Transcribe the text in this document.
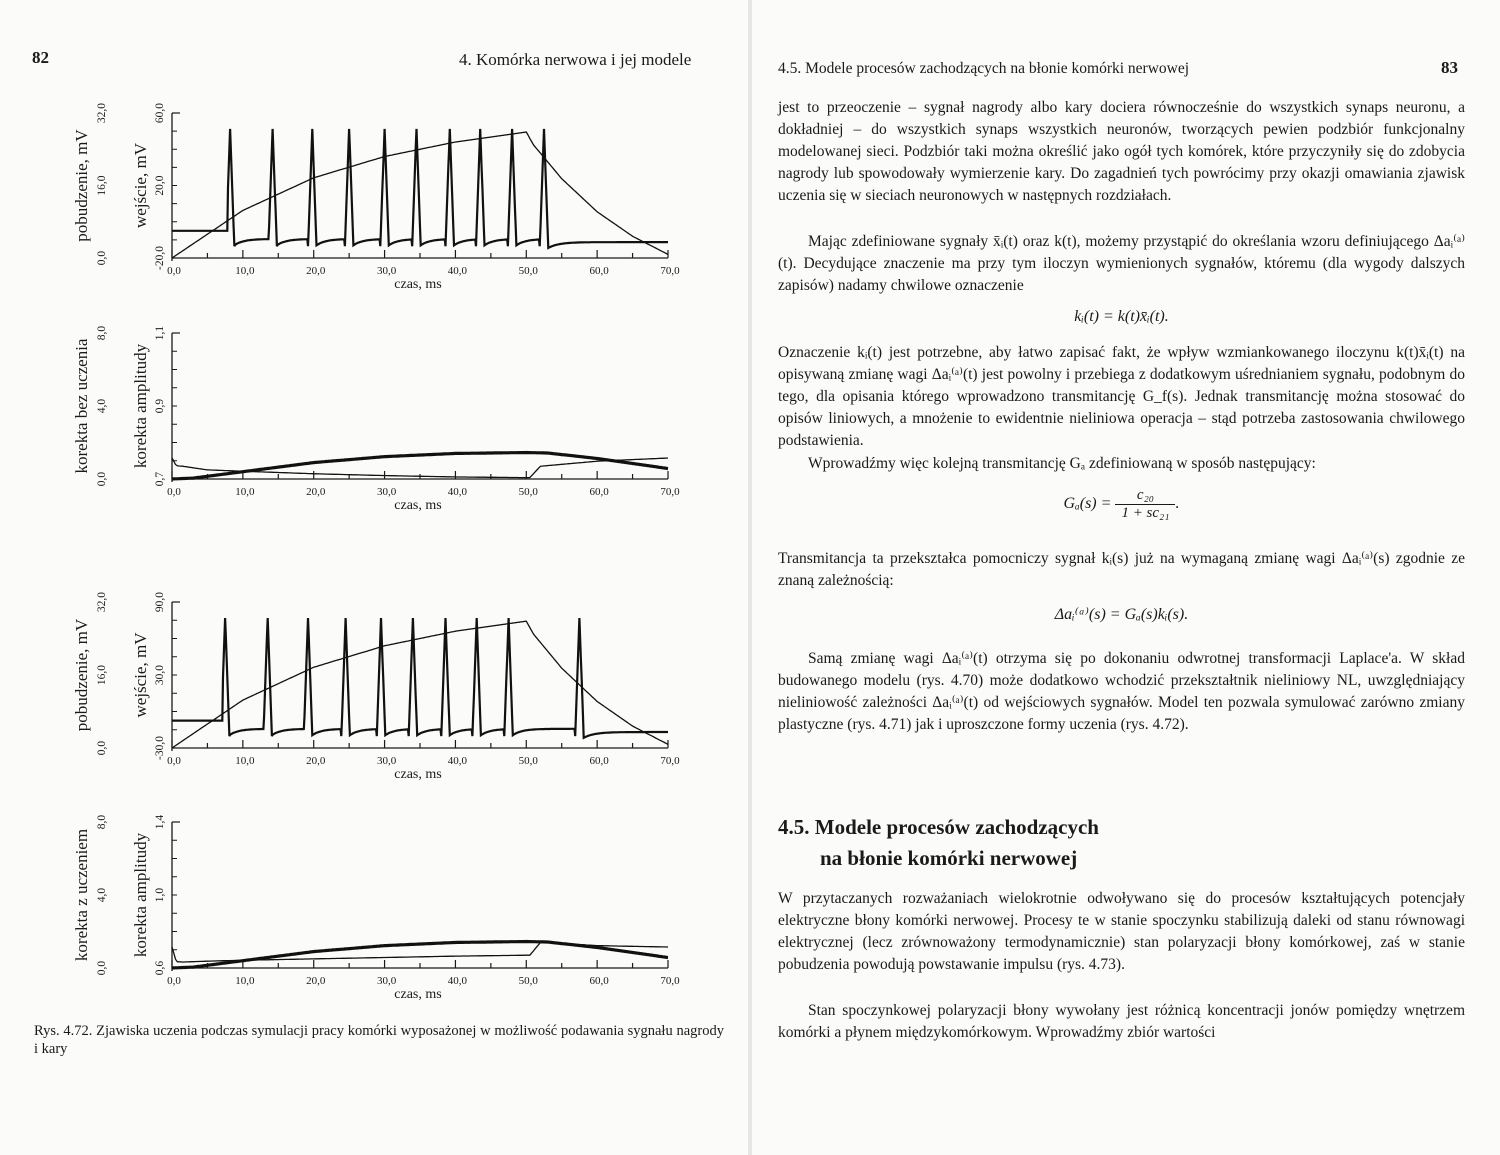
82	4. Komórka nerwowa i jej modele
0,0	10,0	20,0	30,0	40,0	50,0	60,0	70,0
czas, ms
0,0	-20,0
16,0	20,0
32,0	60,0
pobudzenie, mV wejście, mV
0,0	10,0	20,0	30,0	40,0	50,0	60,0	70,0
czas, ms
0,0	0,7
4,0	0,9
8,0	1,1
korekta bez uczenia korekta amplitudy
0,0	10,0	20,0	30,0	40,0	50,0	60,0	70,0
czas, ms
0,0	-30,0
16,0	30,0
32,0	90,0
pobudzenie, mV wejście, mV
0,0	10,0	20,0	30,0	40,0	50,0	60,0	70,0
czas, ms
0,0	0,6
4,0	1,0
8,0	1,4
korekta z uczeniem korekta amplitudy
Rys. 4.72. Zjawiska uczenia podczas symulacji pracy komórki wyposażonej w możliwość podawania sygnału nagrody i kary
4.5. Modele procesów zachodzących na błonie komórki nerwowej	83

jest to przeoczenie – sygnał nagrody albo kary dociera równocześnie do wszystkich synaps neuronu, a dokładniej – do wszystkich synaps wszystkich neuronów, tworzących pewien podzbiór funkcjonalny modelowanej sieci. Podzbiór taki można określić jako ogół tych komórek, które przyczyniły się do zdobycia nagrody lub spowodowały wymierzenie kary. Do zagadnień tych powrócimy przy okazji omawiania zjawisk uczenia się w sieciach neuronowych w następnych rozdziałach.

Mając zdefiniowane sygnały x̄ᵢ(t) oraz k(t), możemy przystąpić do określania wzoru definiującego Δaᵢ⁽ᵃ⁾(t). Decydujące znaczenie ma przy tym iloczyn wymienionych sygnałów, któremu (dla wygody dalszych zapisów) nadamy chwilowe oznaczenie

kᵢ(t) = k(t)x̄ᵢ(t).

Oznaczenie kᵢ(t) jest potrzebne, aby łatwo zapisać fakt, że wpływ wzmiankowanego iloczynu k(t)x̄ᵢ(t) na opisywaną zmianę wagi Δaᵢ⁽ᵃ⁾(t) jest powolny i przebiega z dodatkowym uśrednianiem sygnału, podobnym do tego, dla opisania którego wprowadzono transmitancję G_f(s). Jednak transmitancję można stosować do opisów liniowych, a mnożenie to ewidentnie nieliniowa operacja – stąd potrzeba zastosowania chwilowego podstawienia.

Wprowadźmy więc kolejną transmitancję Gₐ zdefiniowaną w sposób następujący:

$G_a(s) = \frac{\text{c₂₀}}{\text{1 + sc₂₁}}$ .

Transmitancja ta przekształca pomocniczy sygnał kᵢ(s) już na wymaganą zmianę wagi Δaᵢ⁽ᵃ⁾(s) zgodnie ze znaną zależnością:

Δaᵢ⁽ᵃ⁾(s) = Gₐ(s)kᵢ(s).

Samą zmianę wagi Δaᵢ⁽ᵃ⁾(t) otrzyma się po dokonaniu odwrotnej transformacji Laplace'a. W skład budowanego modelu (rys. 4.70) może dodatkowo wchodzić przekształtnik nieliniowy NL, uwzględniający nieliniowość zależności Δaᵢ⁽ᵃ⁾(t) od wejściowych sygnałów. Model ten pozwala symulować zarówno zmiany plastyczne (rys. 4.71) jak i uproszczone formy uczenia (rys. 4.72).

4.5. Modele procesów zachodzących
na błonie komórki nerwowej

W przytaczanych rozważaniach wielokrotnie odwoływano się do procesów kształtujących potencjały elektryczne błony komórki nerwowej. Procesy te w stanie spoczynku stabilizują daleki od stanu równowagi elektrycznej (lecz zrównoważony termodynamicznie) stan polaryzacji błony komórkowej, zaś w stanie pobudzenia powodują powstawanie impulsu (rys. 4.73).

Stan spoczynkowej polaryzacji błony wywołany jest różnicą koncentracji jonów pomiędzy wnętrzem komórki a płynem międzykomórkowym. Wprowadźmy zbiór wartości
